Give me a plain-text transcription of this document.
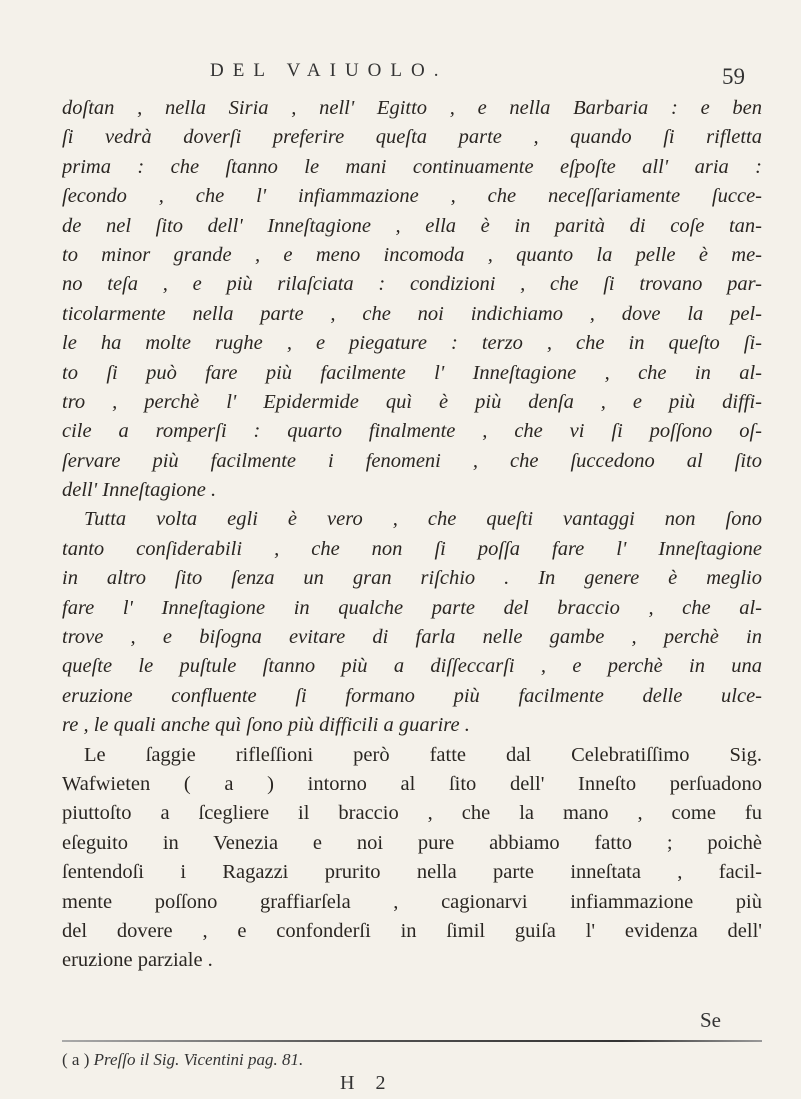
DEL VAIUOLO.	59
doſtan , nella Siria , nell' Egitto , e nella Barbaria : e ben
ſi vedrà doverſi preferire queſta parte , quando ſi rifletta
prima : che ſtanno le mani continuamente eſpoſte all' aria :
ſecondo , che l' infiammazione , che neceſſariamente ſucce-
de nel ſito dell' Inneſtagione , ella è in parità di coſe tan-
to minor grande , e meno incomoda , quanto la pelle è me-
no teſa , e più rilaſciata : condizioni , che ſi trovano par-
ticolarmente nella parte , che noi indichiamo , dove la pel-
le ha molte rughe , e piegature : terzo , che in queſto ſi-
to ſi può fare più facilmente l' Inneſtagione , che in al-
tro , perchè l' Epidermide quì è più denſa , e più diffi-
cile a romperſi : quarto finalmente , che vi ſi poſſono oſ-
ſervare più facilmente i fenomeni , che ſuccedono al ſito
dell' Inneſtagione .
Tutta volta egli è vero , che queſti vantaggi non ſono
tanto conſiderabili , che non ſi poſſa fare l' Inneſtagione
in altro ſito ſenza un gran riſchio . In genere è meglio
fare l' Inneſtagione in qualche parte del braccio , che al-
trove , e biſogna evitare di farla nelle gambe , perchè in
queſte le puſtule ſtanno più a diſſeccarſi , e perchè in una
eruzione confluente ſi formano più facilmente delle ulce-
re , le quali anche quì ſono più difficili a guarire .
Le ſaggie rifleſſioni però fatte dal Celebratiſſimo Sig.
Wafwieten ( a ) intorno al ſito dell' Inneſto perſuadono
piuttoſto a ſcegliere il braccio , che la mano , come fu
eſeguito in Venezia e noi pure abbiamo fatto ; poichè
ſentendoſi i Ragazzi prurito nella parte inneſtata , facil-
mente poſſono graffiarſela , cagionarvi infiammazione più
del dovere , e confonderſi in ſimil guiſa l' evidenza dell'
eruzione parziale .
Se
( a ) Preſſo il Sig. Vicentini pag. 81.
H 2
